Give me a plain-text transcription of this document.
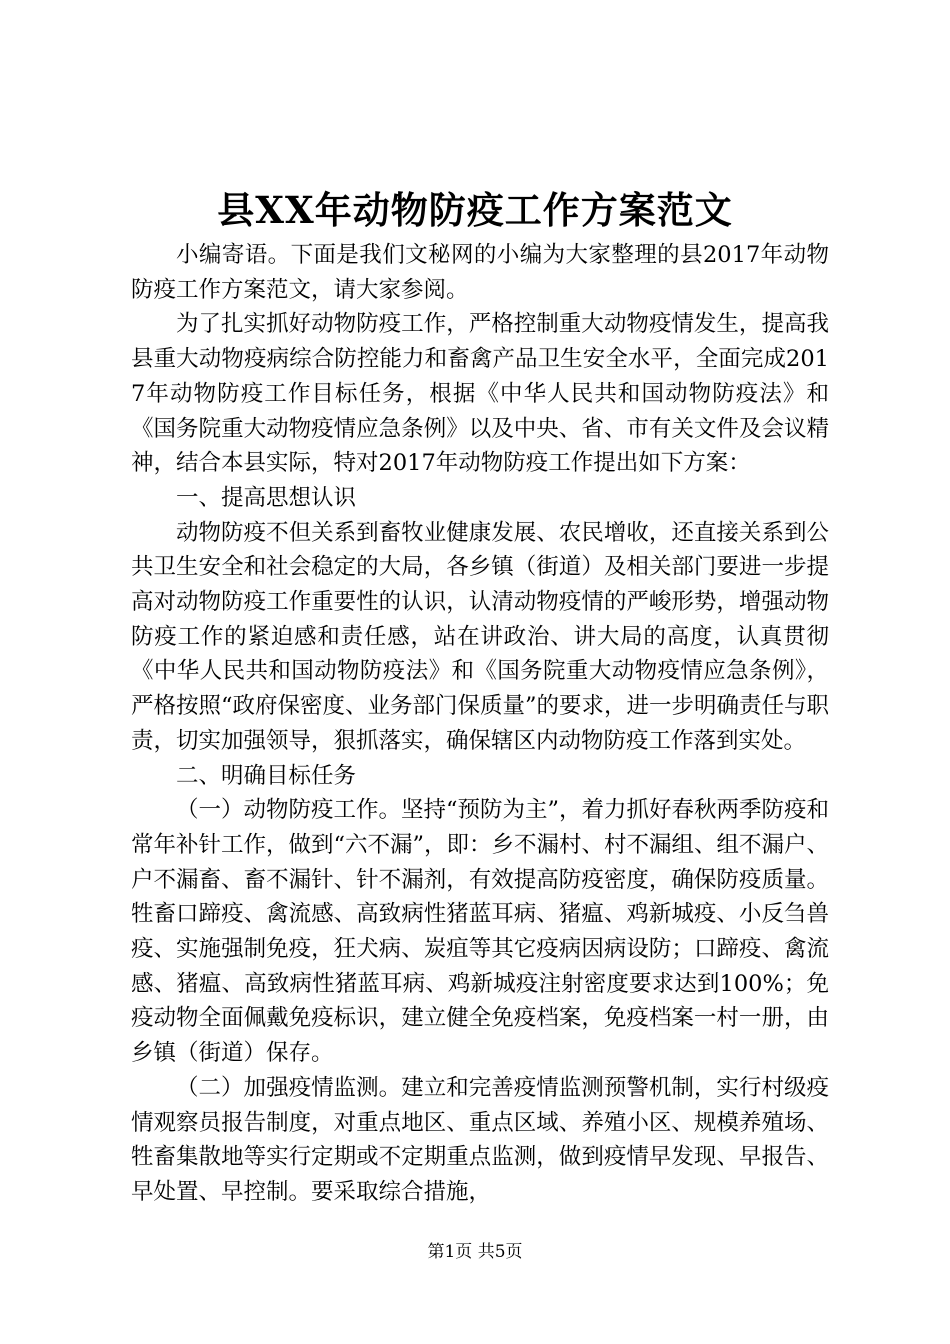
县XX年动物防疫工作方案范文

小编寄语。下面是我们文秘网的小编为大家整理的县2017年动物防疫工作方案范文，请大家参阅。

为了扎实抓好动物防疫工作，严格控制重大动物疫情发生，提高我县重大动物疫病综合防控能力和畜禽产品卫生安全水平，全面完成2017年动物防疫工作目标任务，根据《中华人民共和国动物防疫法》和《国务院重大动物疫情应急条例》以及中央、省、市有关文件及会议精神，结合本县实际，特对2017年动物防疫工作提出如下方案：

一、提高思想认识

动物防疫不但关系到畜牧业健康发展、农民增收，还直接关系到公共卫生安全和社会稳定的大局，各乡镇（街道）及相关部门要进一步提高对动物防疫工作重要性的认识，认清动物疫情的严峻形势，增强动物防疫工作的紧迫感和责任感，站在讲政治、讲大局的高度，认真贯彻《中华人民共和国动物防疫法》和《国务院重大动物疫情应急条例》，严格按照“政府保密度、业务部门保质量”的要求，进一步明确责任与职责，切实加强领导，狠抓落实，确保辖区内动物防疫工作落到实处。

二、明确目标任务

（一）动物防疫工作。坚持“预防为主”，着力抓好春秋两季防疫和常年补针工作，做到“六不漏”，即：乡不漏村、村不漏组、组不漏户、户不漏畜、畜不漏针、针不漏剂，有效提高防疫密度，确保防疫质量。牲畜口蹄疫、禽流感、高致病性猪蓝耳病、猪瘟、鸡新城疫、小反刍兽疫、实施强制免疫，狂犬病、炭疽等其它疫病因病设防；口蹄疫、禽流感、猪瘟、高致病性猪蓝耳病、鸡新城疫注射密度要求达到100%；免疫动物全面佩戴免疫标识，建立健全免疫档案，免疫档案一村一册，由乡镇（街道）保存。

（二）加强疫情监测。建立和完善疫情监测预警机制，实行村级疫情观察员报告制度，对重点地区、重点区域、养殖小区、规模养殖场、牲畜集散地等实行定期或不定期重点监测，做到疫情早发现、早报告、早处置、早控制。要采取综合措施，

第1页 共5页
